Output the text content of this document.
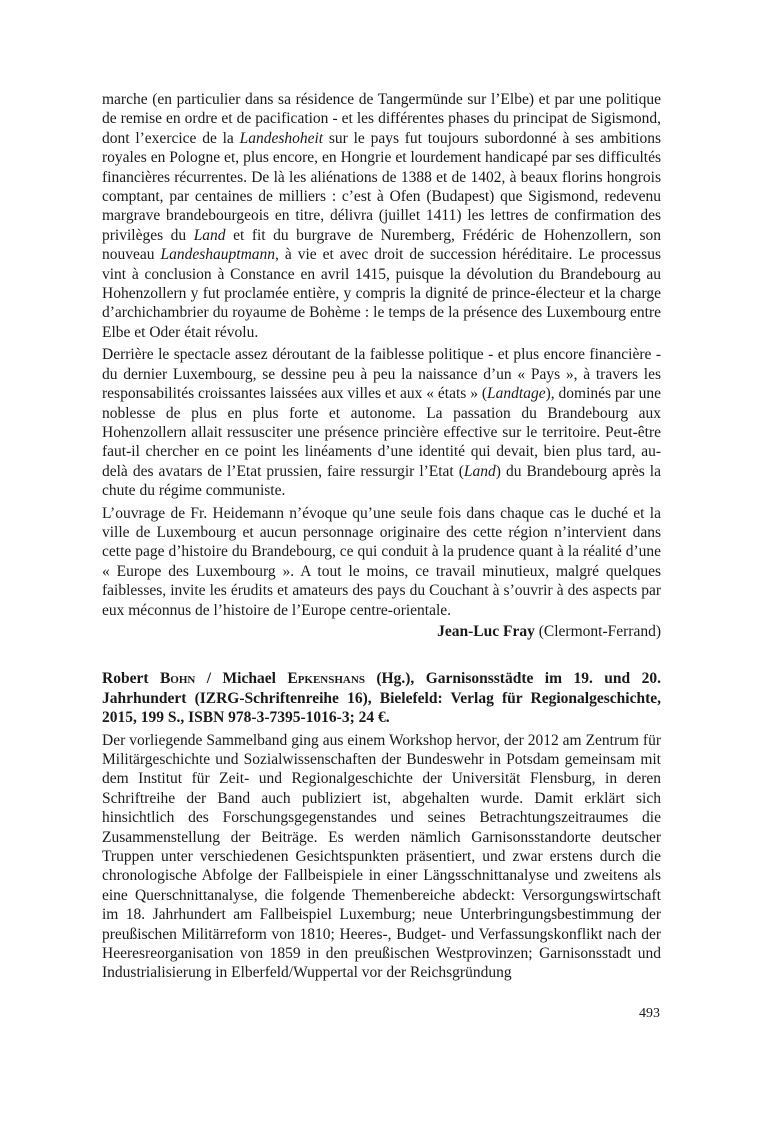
marche (en particulier dans sa résidence de Tangermünde sur l’Elbe) et par une politique de remise en ordre et de pacification - et les différentes phases du principat de Sigismond, dont l’exercice de la Landeshoheit sur le pays fut toujours subordonné à ses ambitions royales en Pologne et, plus encore, en Hongrie et lourdement handicapé par ses difficultés financières récurrentes. De là les aliénations de 1388 et de 1402, à beaux florins hongrois comptant, par centaines de milliers : c’est à Ofen (Budapest) que Sigismond, redevenu margrave brandebourgeois en titre, délivra (juillet 1411) les lettres de confirmation des privilèges du Land et fit du burgrave de Nuremberg, Frédéric de Hohenzollern, son nouveau Landeshauptmann, à vie et avec droit de succession héréditaire. Le processus vint à conclusion à Constance en avril 1415, puisque la dévolution du Brandebourg au Hohenzollern y fut proclamée entière, y compris la dignité de prince-électeur et la charge d’archichambrier du royaume de Bohème : le temps de la présence des Luxembourg entre Elbe et Oder était révolu.

Derrière le spectacle assez déroutant de la faiblesse politique - et plus encore financière - du dernier Luxembourg, se dessine peu à peu la naissance d’un « Pays », à travers les responsabilités croissantes laissées aux villes et aux « états » (Landtage), dominés par une noblesse de plus en plus forte et autonome. La passation du Brandebourg aux Hohenzollern allait ressusciter une présence princière effective sur le territoire. Peut-être faut-il chercher en ce point les linéaments d’une identité qui devait, bien plus tard, au-delà des avatars de l’Etat prussien, faire ressurgir l’Etat (Land) du Brandebourg après la chute du régime communiste.

L’ouvrage de Fr. Heidemann n’évoque qu’une seule fois dans chaque cas le duché et la ville de Luxembourg et aucun personnage originaire des cette région n’intervient dans cette page d’histoire du Brandebourg, ce qui conduit à la prudence quant à la réalité d’une « Europe des Luxembourg ». A tout le moins, ce travail minutieux, malgré quelques faiblesses, invite les érudits et amateurs des pays du Couchant à s’ouvrir à des aspects par eux méconnus de l’histoire de l’Europe centre-orientale.

Jean-Luc Fray (Clermont-Ferrand)

Robert Bohn / Michael Epkenshans (Hg.), Garnisonsstädte im 19. und 20. Jahrhundert (IZRG-Schriftenreihe 16), Bielefeld: Verlag für Regionalgeschichte, 2015, 199 S., ISBN 978-3-7395-1016-3; 24 €.

Der vorliegende Sammelband ging aus einem Workshop hervor, der 2012 am Zentrum für Militärgeschichte und Sozialwissenschaften der Bundeswehr in Potsdam gemeinsam mit dem Institut für Zeit- und Regionalgeschichte der Universität Flensburg, in deren Schriftreihe der Band auch publiziert ist, abgehalten wurde. Damit erklärt sich hinsichtlich des Forschungsgegenstandes und seines Betrachtungszeitraumes die Zusammenstellung der Beiträge. Es werden nämlich Garnisonsstandorte deutscher Truppen unter verschiedenen Gesichtspunkten präsentiert, und zwar erstens durch die chronologische Abfolge der Fallbeispiele in einer Längsschnittanalyse und zweitens als eine Querschnittanalyse, die folgende Themenbereiche abdeckt: Versorgungswirtschaft im 18. Jahrhundert am Fallbeispiel Luxemburg; neue Unterbringungsbestimmung der preußischen Militärreform von 1810; Heeres-, Budget- und Verfassungskonflikt nach der Heeresreorganisation von 1859 in den preußischen Westprovinzen; Garnisonsstadt und Industrialisierung in Elberfeld/Wuppertal vor der Reichsgründung

493
